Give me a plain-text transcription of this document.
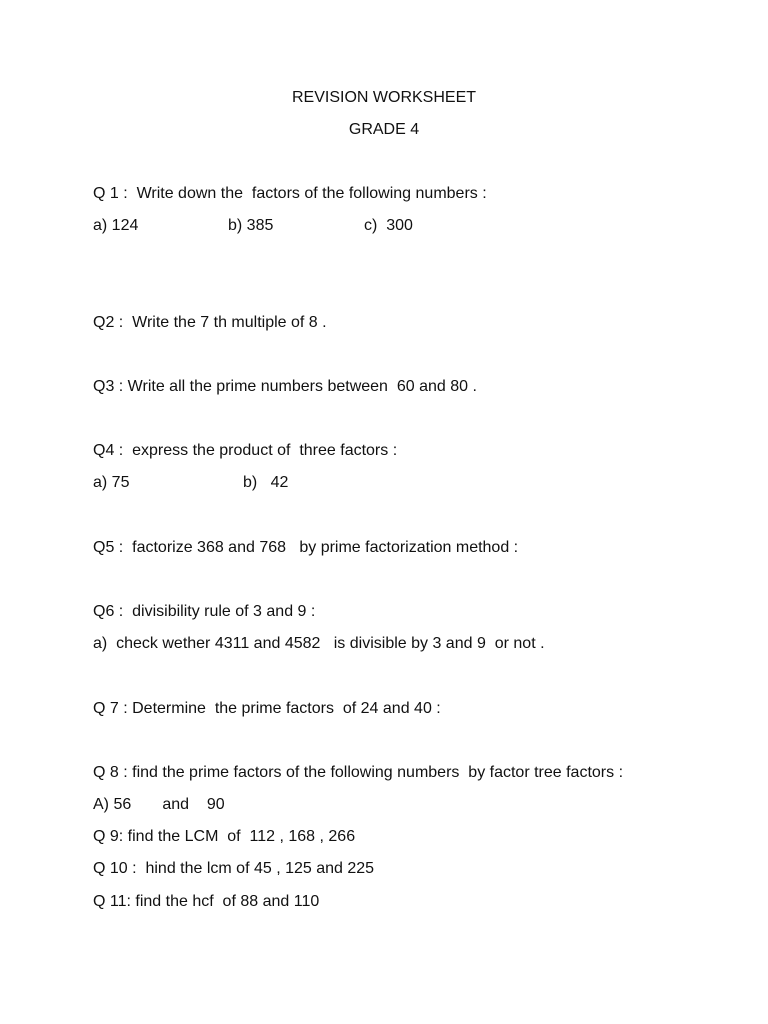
REVISION WORKSHEET

GRADE 4

Q 1 :  Write down the  factors of the following numbers :

a) 124	b) 385	c)  300

Q2 :  Write the 7 th multiple of 8 .

Q3 : Write all the prime numbers between  60 and 80 .

Q4 :  express the product of  three factors :

a) 75	b)   42

Q5 :  factorize 368 and 768   by prime factorization method :

Q6 :  divisibility rule of 3 and 9 :

a)  check wether 4311 and 4582   is divisible by 3 and 9  or not .

Q 7 : Determine  the prime factors  of 24 and 40 :

Q 8 : find the prime factors of the following numbers  by factor tree factors :

A) 56       and    90

Q 9: find the LCM  of  112 , 168 , 266

Q 10 :  hind the lcm of 45 , 125 and 225

Q 11: find the hcf  of 88 and 110
